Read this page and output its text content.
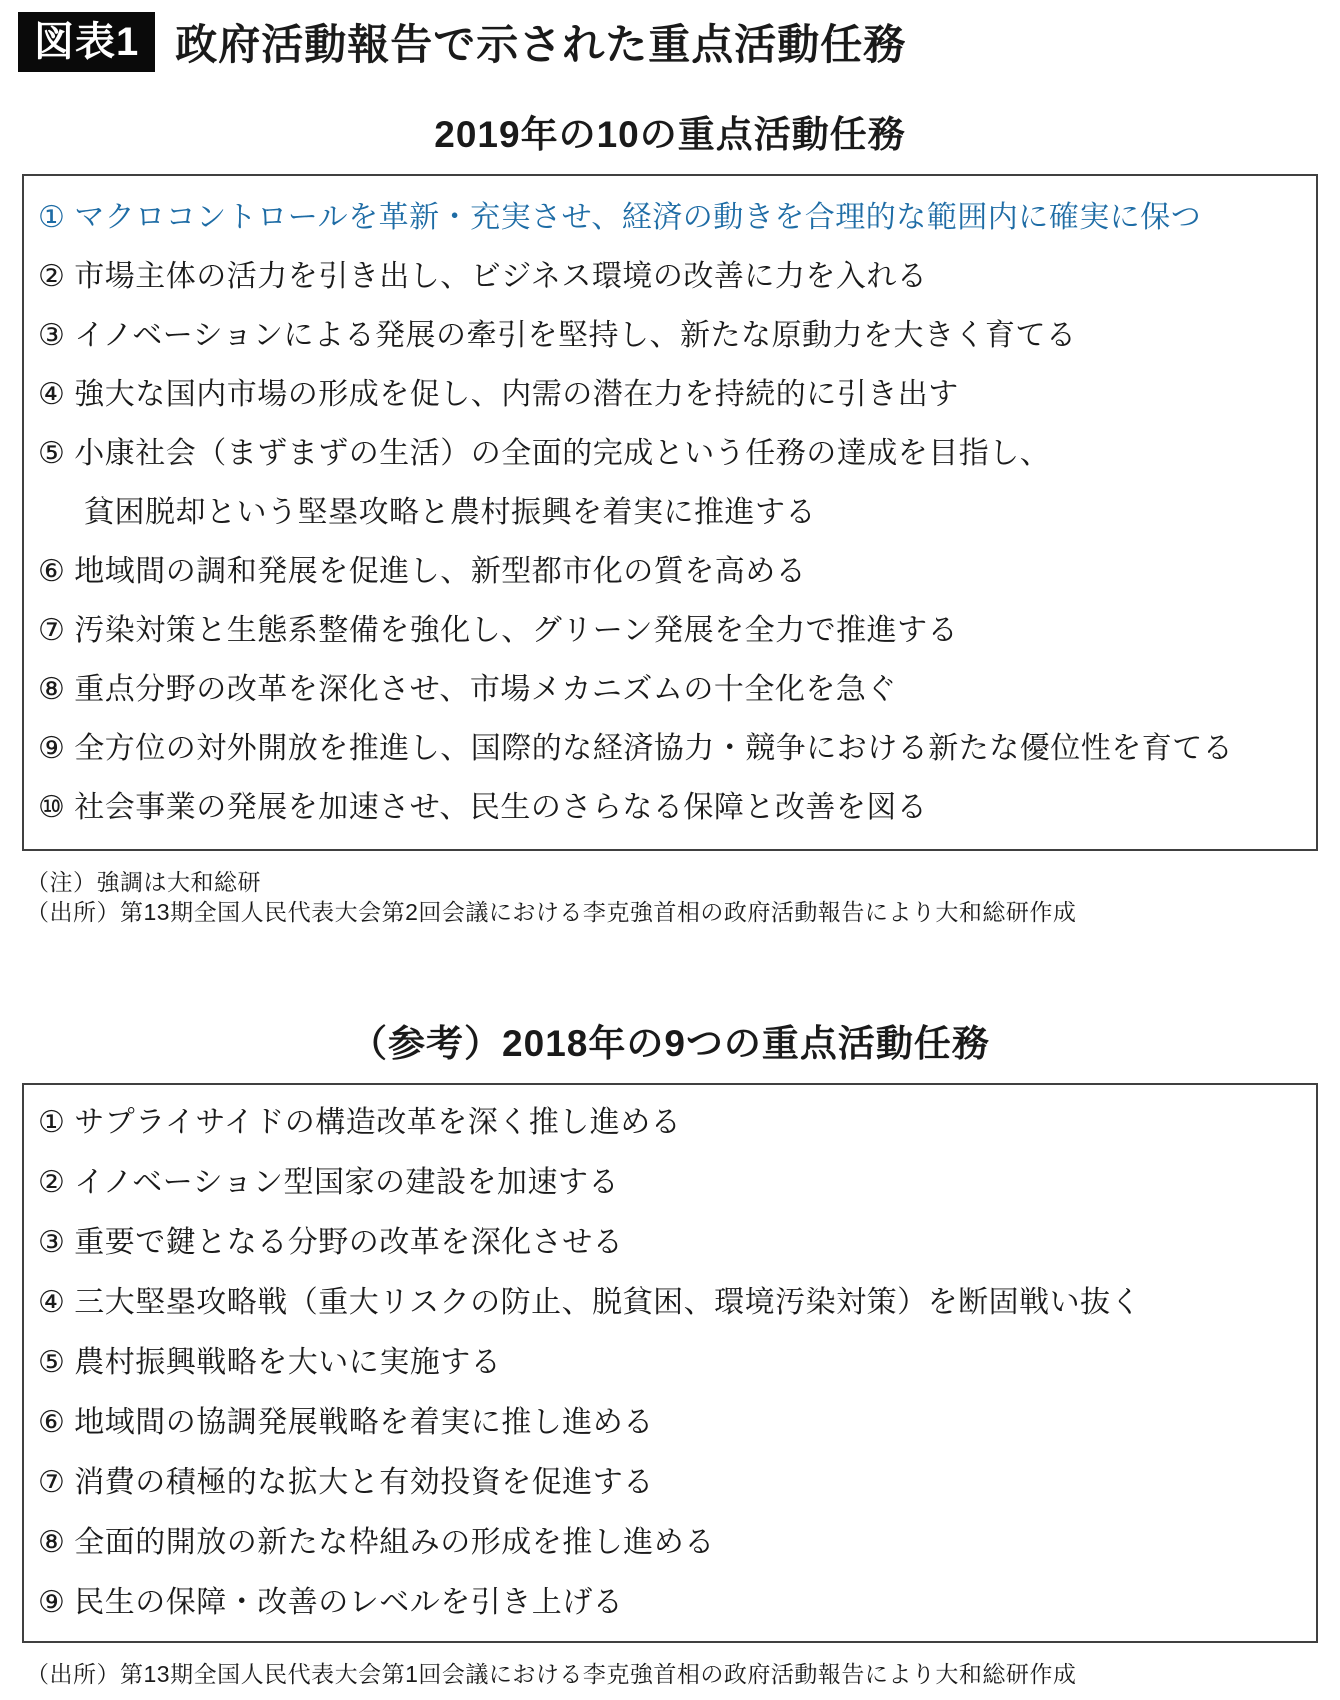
図表1 政府活動報告で示された重点活動任務
2019年の10の重点活動任務
① マクロコントロールを革新・充実させ、経済の動きを合理的な範囲内に確実に保つ
② 市場主体の活力を引き出し、ビジネス環境の改善に力を入れる
③ イノベーションによる発展の牽引を堅持し、新たな原動力を大きく育てる
④ 強大な国内市場の形成を促し、内需の潜在力を持続的に引き出す
⑤ 小康社会（まずまずの生活）の全面的完成という任務の達成を目指し、
貧困脱却という堅塁攻略と農村振興を着実に推進する
⑥ 地域間の調和発展を促進し、新型都市化の質を高める
⑦ 汚染対策と生態系整備を強化し、グリーン発展を全力で推進する
⑧ 重点分野の改革を深化させ、市場メカニズムの十全化を急ぐ
⑨ 全方位の対外開放を推進し、国際的な経済協力・競争における新たな優位性を育てる
⑩ 社会事業の発展を加速させ、民生のさらなる保障と改善を図る
（注）強調は大和総研
（出所）第13期全国人民代表大会第2回会議における李克強首相の政府活動報告により大和総研作成
（参考）2018年の9つの重点活動任務
① サプライサイドの構造改革を深く推し進める
② イノベーション型国家の建設を加速する
③ 重要で鍵となる分野の改革を深化させる
④ 三大堅塁攻略戦（重大リスクの防止、脱貧困、環境汚染対策）を断固戦い抜く
⑤ 農村振興戦略を大いに実施する
⑥ 地域間の協調発展戦略を着実に推し進める
⑦ 消費の積極的な拡大と有効投資を促進する
⑧ 全面的開放の新たな枠組みの形成を推し進める
⑨ 民生の保障・改善のレベルを引き上げる
（出所）第13期全国人民代表大会第1回会議における李克強首相の政府活動報告により大和総研作成
